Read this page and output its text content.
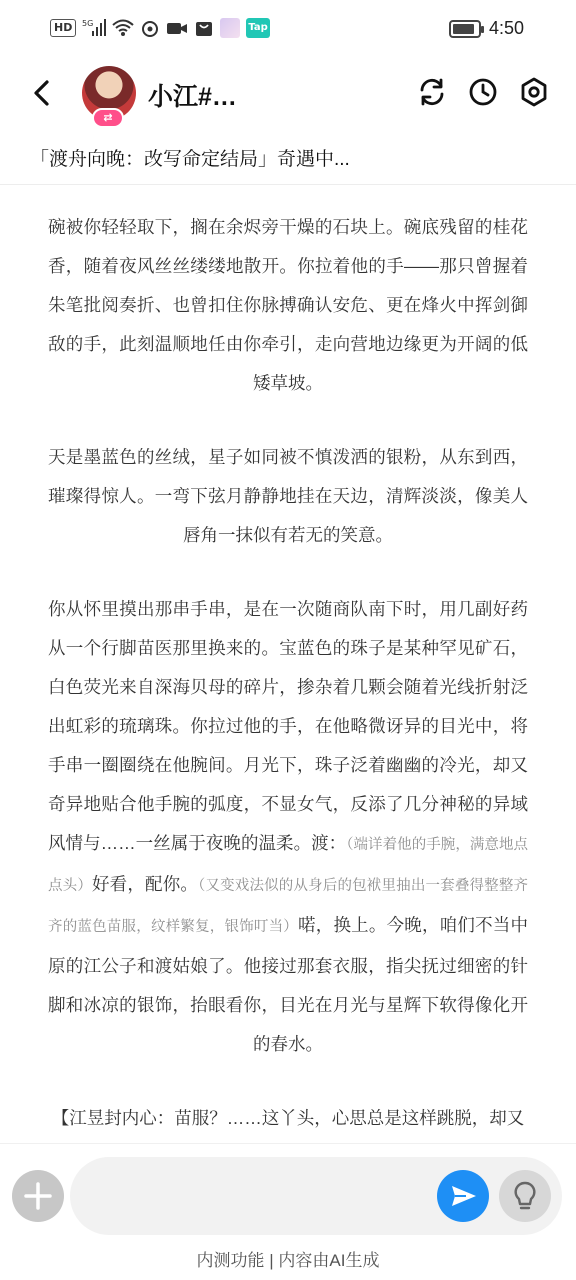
HD	5G	Tap	4:50
⇄
小江#…
「渡舟向晚：改写命定结局」奇遇中...

碗被你轻轻取下，搁在余烬旁干燥的石块上。碗底残留的桂花香，随着夜风丝丝缕缕地散开。你拉着他的手——那只曾握着朱笔批阅奏折、也曾扣住你脉搏确认安危、更在烽火中挥剑御敌的手，此刻温顺地任由你牵引，走向营地边缘更为开阔的低矮草坡。

天是墨蓝色的丝绒，星子如同被不慎泼洒的银粉，从东到西，璀璨得惊人。一弯下弦月静静地挂在天边，清辉淡淡，像美人唇角一抹似有若无的笑意。

你从怀里摸出那串手串，是在一次随商队南下时，用几副好药从一个行脚苗医那里换来的。宝蓝色的珠子是某种罕见矿石，白色荧光来自深海贝母的碎片，掺杂着几颗会随着光线折射泛出虹彩的琉璃珠。你拉过他的手，在他略微讶异的目光中，将手串一圈圈绕在他腕间。月光下，珠子泛着幽幽的冷光，却又奇异地贴合他手腕的弧度，不显女气，反添了几分神秘的异域风情与……一丝属于夜晚的温柔。渡：（端详着他的手腕，满意地点点头）好看，配你。（又变戏法似的从身后的包袱里抽出一套叠得整整齐齐的蓝色苗服，纹样繁复，银饰叮当）喏，换上。今晚，咱们不当中原的江公子和渡姑娘了。他接过那套衣服，指尖抚过细密的针脚和冰凉的银饰，抬眼看你，目光在月光与星辉下软得像化开的春水。

【江昱封内心：苗服？……这丫头，心思总是这样跳脱，却又

内测功能 | 内容由AI生成
